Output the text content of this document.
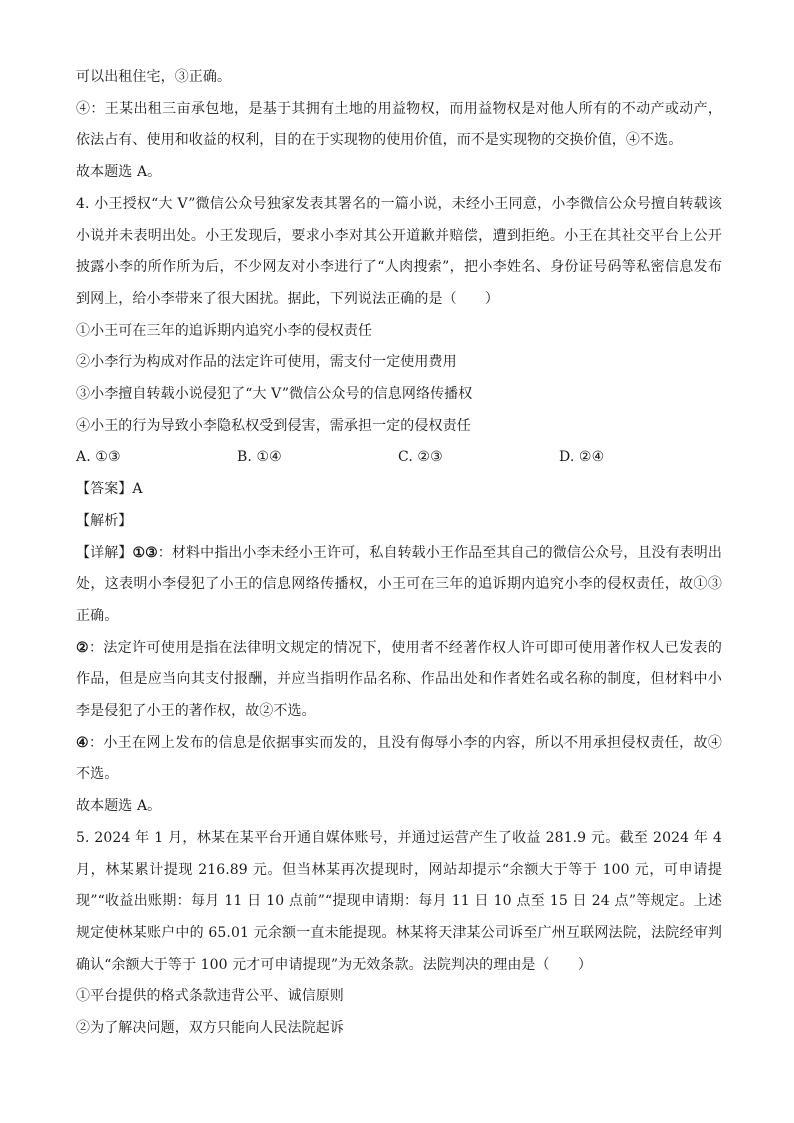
可以出租住宅，③正确。

④：王某出租三亩承包地，是基于其拥有土地的用益物权，而用益物权是对他人所有的不动产或动产，依法占有、使用和收益的权利，目的在于实现物的使用价值，而不是实现物的交换价值，④不选。

故本题选 A。

4. 小王授权“大 V”微信公众号独家发表其署名的一篇小说，未经小王同意，小李微信公众号擅自转载该小说并未表明出处。小王发现后，要求小李对其公开道歉并赔偿，遭到拒绝。小王在其社交平台上公开披露小李的所作所为后，不少网友对小李进行了“人肉搜索”，把小李姓名、身份证号码等私密信息发布到网上，给小李带来了很大困扰。据此，下列说法正确的是（　　）

①小王可在三年的追诉期内追究小李的侵权责任

②小李行为构成对作品的法定许可使用，需支付一定使用费用

③小李擅自转载小说侵犯了“大 V”微信公众号的信息网络传播权

④小王的行为导致小李隐私权受到侵害，需承担一定的侵权责任

A. ①③	B. ①④	C. ②③	D. ②④

【答案】A

【解析】

【详解】①③：材料中指出小李未经小王许可，私自转载小王作品至其自己的微信公众号，且没有表明出处，这表明小李侵犯了小王的信息网络传播权，小王可在三年的追诉期内追究小李的侵权责任，故①③正确。

②：法定许可使用是指在法律明文规定的情况下，使用者不经著作权人许可即可使用著作权人已发表的作品，但是应当向其支付报酬，并应当指明作品名称、作品出处和作者姓名或名称的制度，但材料中小李是侵犯了小王的著作权，故②不选。

④：小王在网上发布的信息是依据事实而发的，且没有侮辱小李的内容，所以不用承担侵权责任，故④不选。

故本题选 A。

5. 2024 年 1 月，林某在某平台开通自媒体账号，并通过运营产生了收益 281.9 元。截至 2024 年 4 月，林某累计提现 216.89 元。但当林某再次提现时，网站却提示“余额大于等于 100 元，可申请提现”“收益出账期：每月 11 日 10 点前”“提现申请期：每月 11 日 10 点至 15 日 24 点”等规定。上述规定使林某账户中的 65.01 元余额一直未能提现。林某将天津某公司诉至广州互联网法院，法院经审判确认“余额大于等于 100 元才可申请提现”为无效条款。法院判决的理由是（　　）

①平台提供的格式条款违背公平、诚信原则

②为了解决问题，双方只能向人民法院起诉
